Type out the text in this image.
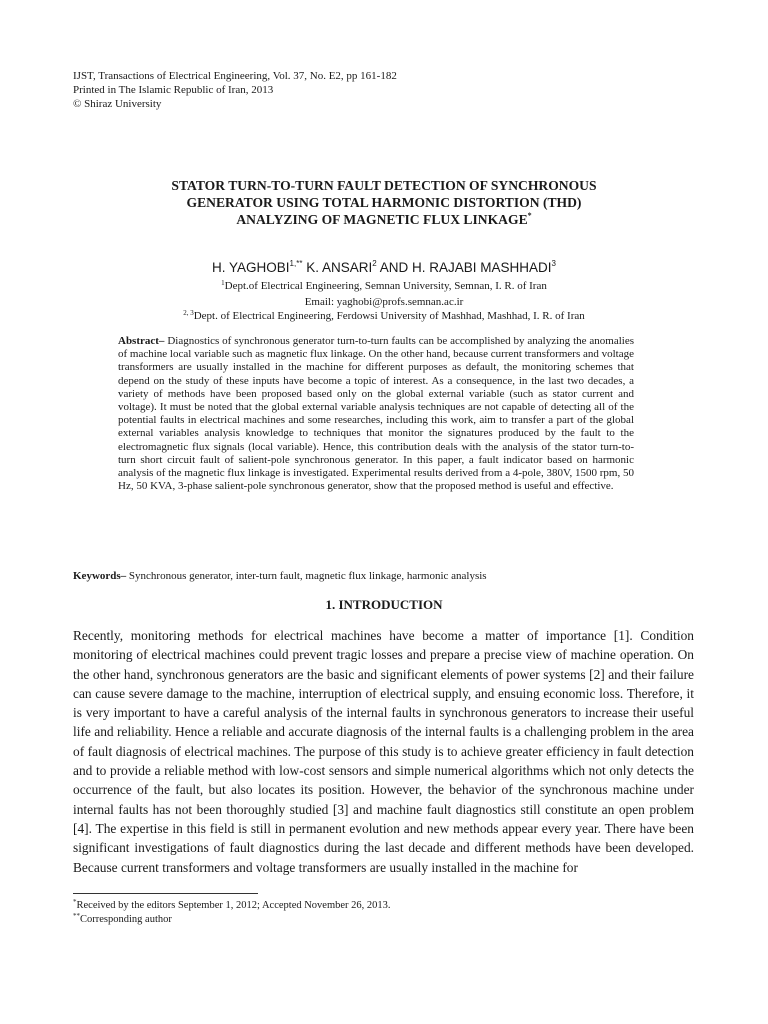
IJST, Transactions of Electrical Engineering, Vol. 37, No. E2, pp 161-182
Printed in The Islamic Republic of Iran, 2013
© Shiraz University
STATOR TURN-TO-TURN FAULT DETECTION OF SYNCHRONOUS
GENERATOR USING TOTAL HARMONIC DISTORTION (THD)
ANALYZING OF MAGNETIC FLUX LINKAGE*
H. $YAGHOBI^{1,**}$ K. ANSARI$^2$ AND H. RAJABI MASHHADI$^3$
$^1$Dept.of Electrical Engineering, Semnan University, Semnan, I. R. of Iran
Email: yaghobi@profs.semnan.ac.ir
$^{2, 3}$Dept. of Electrical Engineering, Ferdowsi University of Mashhad, Mashhad, I. R. of Iran

Abstract– Diagnostics of synchronous generator turn-to-turn faults can be accomplished by analyzing the anomalies of machine local variable such as magnetic flux linkage. On the other hand, because current transformers and voltage transformers are usually installed in the machine for different purposes as default, the monitoring schemes that depend on the study of these inputs have become a topic of interest. As a consequence, in the last two decades, a variety of methods have been proposed based only on the global external variable (such as stator current and voltage). It must be noted that the global external variable analysis techniques are not capable of detecting all of the potential faults in electrical machines and some researches, including this work, aim to transfer a part of the global external variables analysis knowledge to techniques that monitor the signatures produced by the fault to the electromagnetic flux signals (local variable). Hence, this contribution deals with the analysis of the stator turn-to-turn short circuit fault of salient-pole synchronous generator. In this paper, a fault indicator based on harmonic analysis of the magnetic flux linkage is investigated. Experimental results derived from a 4-pole, 380V, 1500 rpm, 50 Hz, 50 KVA, 3-phase salient-pole synchronous generator, show that the proposed method is useful and effective.

Keywords– Synchronous generator, inter-turn fault, magnetic flux linkage, harmonic analysis
1. INTRODUCTION

Recently, monitoring methods for electrical machines have become a matter of importance [1]. Condition monitoring of electrical machines could prevent tragic losses and prepare a precise view of machine operation. On the other hand, synchronous generators are the basic and significant elements of power systems [2] and their failure can cause severe damage to the machine, interruption of electrical supply, and ensuing economic loss. Therefore, it is very important to have a careful analysis of the internal faults in synchronous generators to increase their useful life and reliability. Hence a reliable and accurate diagnosis of the internal faults is a challenging problem in the area of fault diagnosis of electrical machines. The purpose of this study is to achieve greater efficiency in fault detection and to provide a reliable method with low-cost sensors and simple numerical algorithms which not only detects the occurrence of the fault, but also locates its position. However, the behavior of the synchronous machine under internal faults has not been thoroughly studied [3] and machine fault diagnostics still constitute an open problem [4]. The expertise in this field is still in permanent evolution and new methods appear every year. There have been significant investigations of fault diagnostics during the last decade and different methods have been developed. Because current transformers and voltage transformers are usually installed in the machine for

*Received by the editors September 1, 2012; Accepted November 26, 2013.
**Corresponding author
